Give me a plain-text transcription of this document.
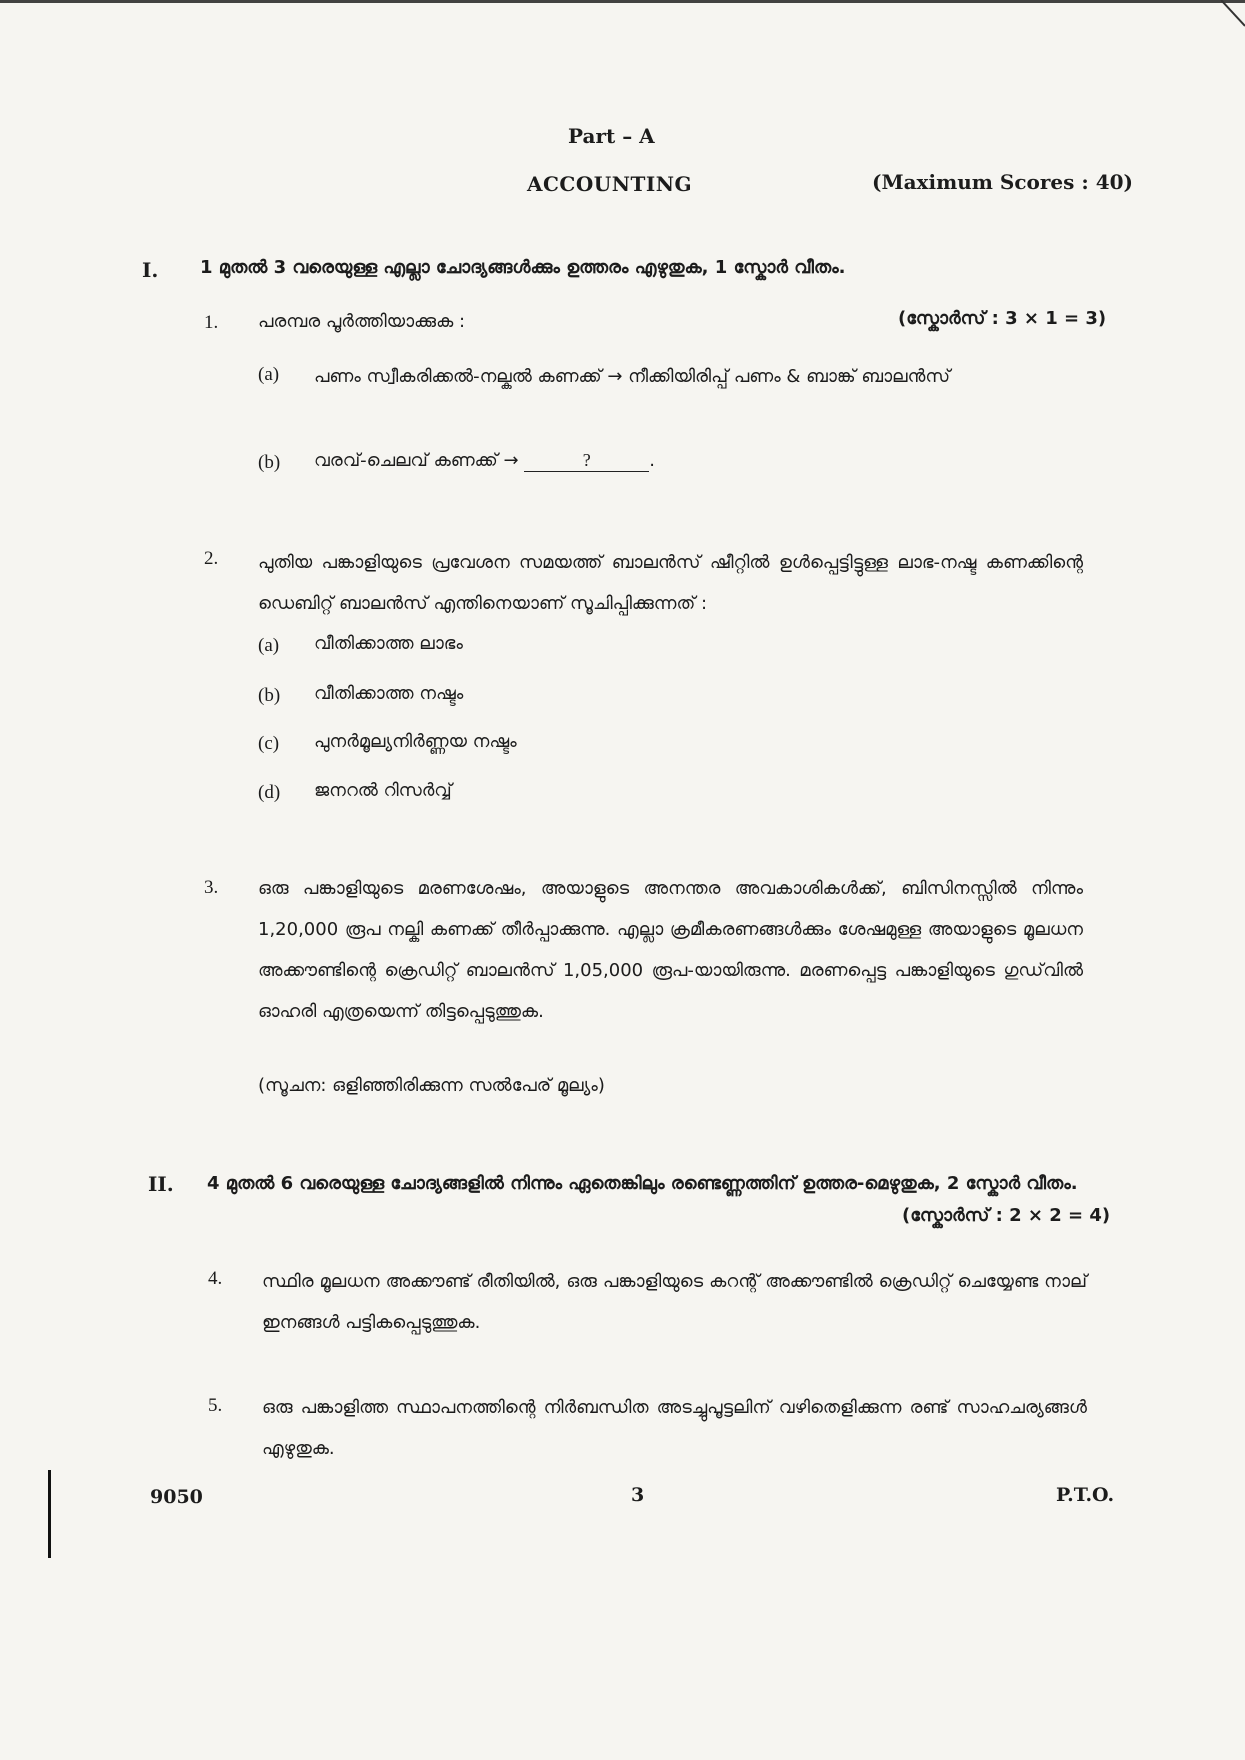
Part – A
ACCOUNTING	(Maximum Scores : 40)
I. 1 മുതൽ 3 വരെയുള്ള എല്ലാ ചോദ്യങ്ങൾക്കും ഉത്തരം എഴുതുക, 1 സ്കോർ വീതം.
1. പരമ്പര പൂർത്തിയാക്കുക :	(സ്കോർസ് : 3 × 1 = 3)
(a) പണം സ്വീകരിക്കൽ-നല്കൽ കണക്ക് → നീക്കിയിരിപ്പ് പണം & ബാങ്ക് ബാലൻസ്
(b) വരവ്-ചെലവ് കണക്ക് →	?	.
2. പുതിയ പങ്കാളിയുടെ പ്രവേശന സമയത്ത് ബാലൻസ് ഷീറ്റിൽ ഉൾപ്പെട്ടിട്ടുള്ള ലാഭ-നഷ്ട കണക്കിന്റെ ഡെബിറ്റ് ബാലൻസ് എന്തിനെയാണ് സൂചിപ്പിക്കുന്നത് :
(a) വീതിക്കാത്ത ലാഭം
(b) വീതിക്കാത്ത നഷ്ടം
(c) പുനർമൂല്യനിർണ്ണയ നഷ്ടം
(d) ജനറൽ റിസർവ്വ്
3. ഒരു പങ്കാളിയുടെ മരണശേഷം, അയാളുടെ അനന്തര അവകാശികൾക്ക്, ബിസിനസ്സിൽ നിന്നും 1,20,000 രൂപ നല്കി കണക്ക് തീർപ്പാക്കുന്നു. എല്ലാ ക്രമീകരണങ്ങൾക്കും ശേഷമുള്ള അയാളുടെ മൂലധന അക്കൗണ്ടിന്റെ ക്രെഡിറ്റ് ബാലൻസ് 1,05,000 രൂപ-യായിരുന്നു. മരണപ്പെട്ട പങ്കാളിയുടെ ഗുഡ്‌വിൽ ഓഹരി എത്രയെന്ന് തിട്ടപ്പെടുത്തുക.
(സൂചന: ഒളിഞ്ഞിരിക്കുന്ന സൽപേര് മൂല്യം)
II. 4 മുതൽ 6 വരെയുള്ള ചോദ്യങ്ങളിൽ നിന്നും ഏതെങ്കിലും രണ്ടെണ്ണത്തിന് ഉത്തര-മെഴുതുക, 2 സ്കോർ വീതം.
(സ്കോർസ് : 2 × 2 = 4)
4. സ്ഥിര മൂലധന അക്കൗണ്ട് രീതിയിൽ, ഒരു പങ്കാളിയുടെ കറന്റ് അക്കൗണ്ടിൽ ക്രെഡിറ്റ് ചെയ്യേണ്ട നാല് ഇനങ്ങൾ പട്ടികപ്പെടുത്തുക.
5. ഒരു പങ്കാളിത്ത സ്ഥാപനത്തിന്റെ നിർബന്ധിത അടച്ചുപൂട്ടലിന് വഴിതെളിക്കുന്ന രണ്ട് സാഹചര്യങ്ങൾ എഴുതുക.
9050	3	P.T.O.
